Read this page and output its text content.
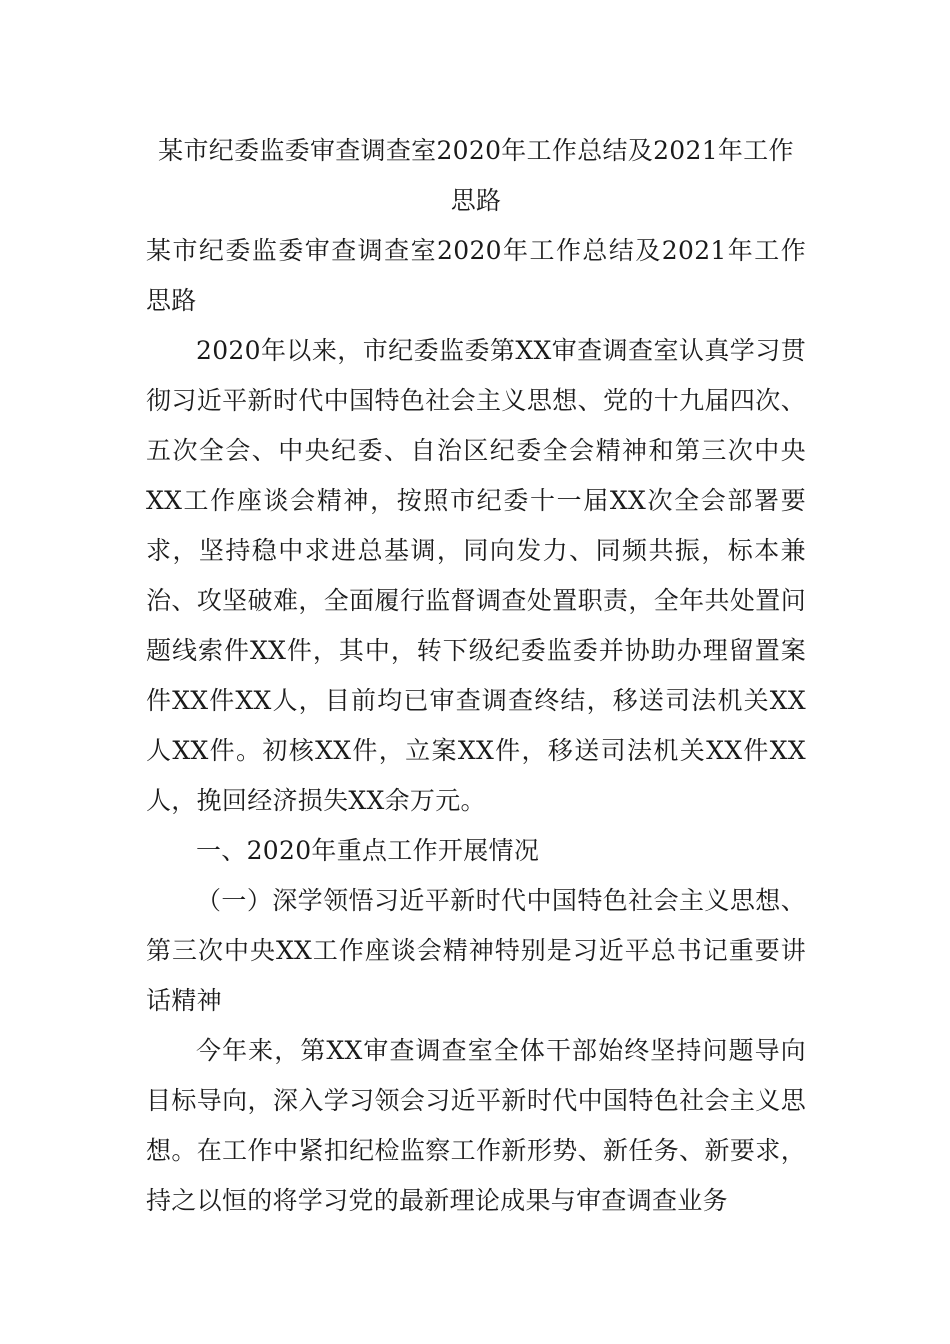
某市纪委监委审查调查室2020年工作总结及2021年工作思路
某市纪委监委审查调查室2020年工作总结及2021年工作思路

2020年以来，市纪委监委第XX审查调查室认真学习贯彻习近平新时代中国特色社会主义思想、党的十九届四次、五次全会、中央纪委、自治区纪委全会精神和第三次中央XX工作座谈会精神，按照市纪委十一届XX次全会部署要求，坚持稳中求进总基调，同向发力、同频共振，标本兼治、攻坚破难，全面履行监督调查处置职责，全年共处置问题线索件XX件，其中，转下级纪委监委并协助办理留置案件XX件XX人，目前均已审查调查终结，移送司法机关XX人XX件。初核XX件，立案XX件，移送司法机关XX件XX人，挽回经济损失XX余万元。

一、2020年重点工作开展情况

（一）深学领悟习近平新时代中国特色社会主义思想、第三次中央XX工作座谈会精神特别是习近平总书记重要讲话精神

今年来，第XX审查调查室全体干部始终坚持问题导向目标导向，深入学习领会习近平新时代中国特色社会主义思想。在工作中紧扣纪检监察工作新形势、新任务、新要求，持之以恒的将学习党的最新理论成果与审查调查业务
